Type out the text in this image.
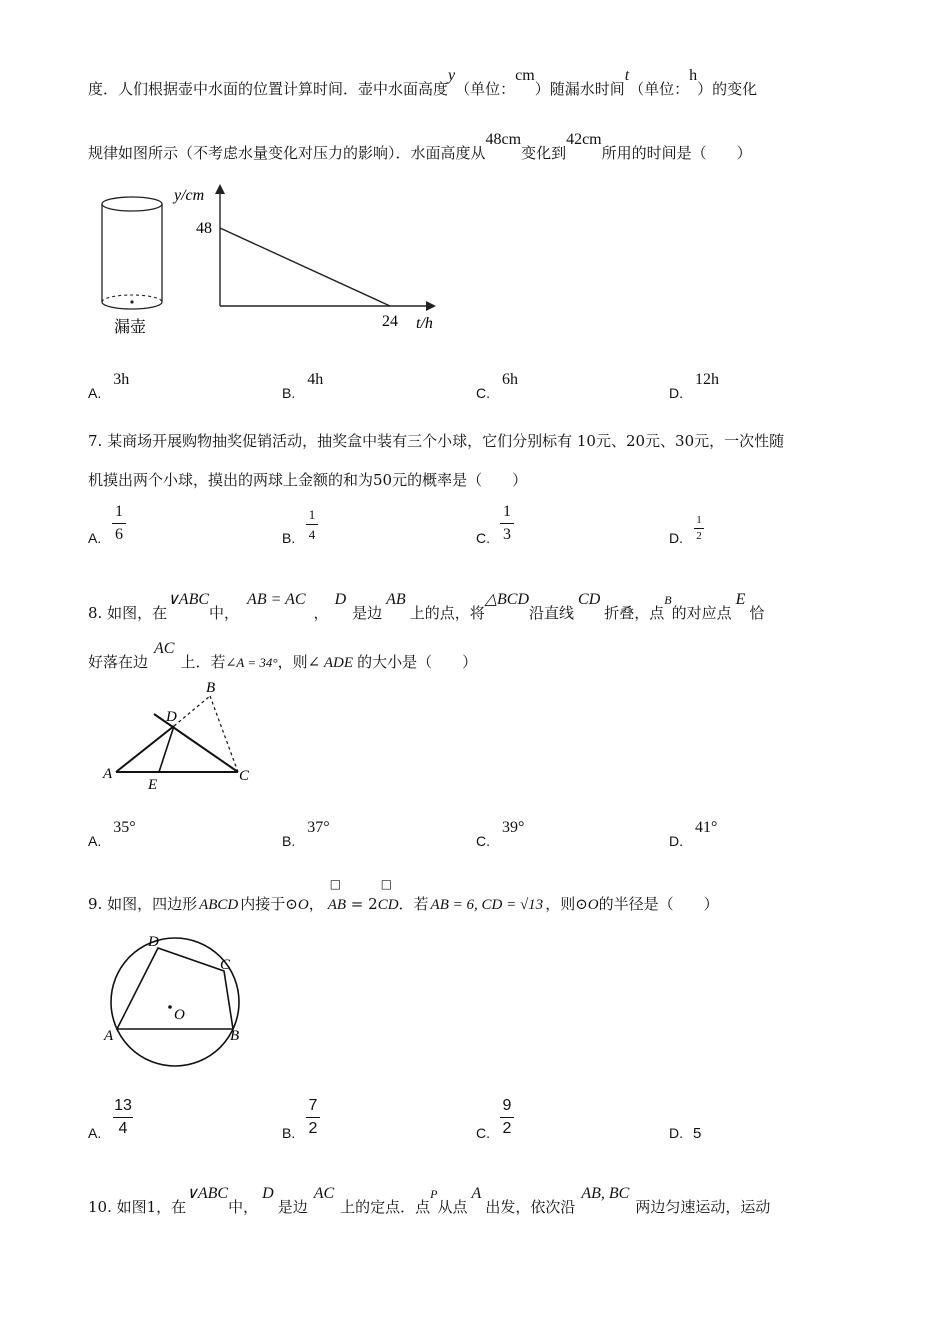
度．人们根据壶中水面的位置计算时间．壶中水面高度y（单位：cm）随漏水时间t（单位：h）的变化
规律如图所示（不考虑水量变化对压力的影响）．水面高度从48cm变化到42cm所用的时间是（　　）
漏壶
y/cm
48
24 t/h
A.3h
B.4h
C.6h
D.12h
7. 某商场开展购物抽奖促销活动，抽奖盒中装有三个小球，它们分别标有 10元、20元、30元，一次性随
机摸出两个小球，摸出的两球上金额的和为50元的概率是（　　）
A.
1
6	B.
1
4	C.
1
3	D.
1
2
8. 如图，在∨ABC中，AB = AC，D是边AB上的点，将△BCD沿直线CD折叠，点$^B$的对应点E恰
好落在边AC上．若∠A = 34°，则∠ ADE 的大小是（　　）
A
B
C
D
E
A.35°
B.37°
C.39°
D.41°
9. 如图，四边形 ABCD 内接于⊙O，
□
AB = 2
□
CD．若 AB = 6, CD = √13 ，则⊙O的半径是（　　）
A	B
C
D
O
A.
13
4	B.
7
2	C.
9
2	D. 5
10. 如图1，在∨ABC中，D是边AC上的定点．点$^P$从点A出发，依次沿AB, BC两边匀速运动，运动
